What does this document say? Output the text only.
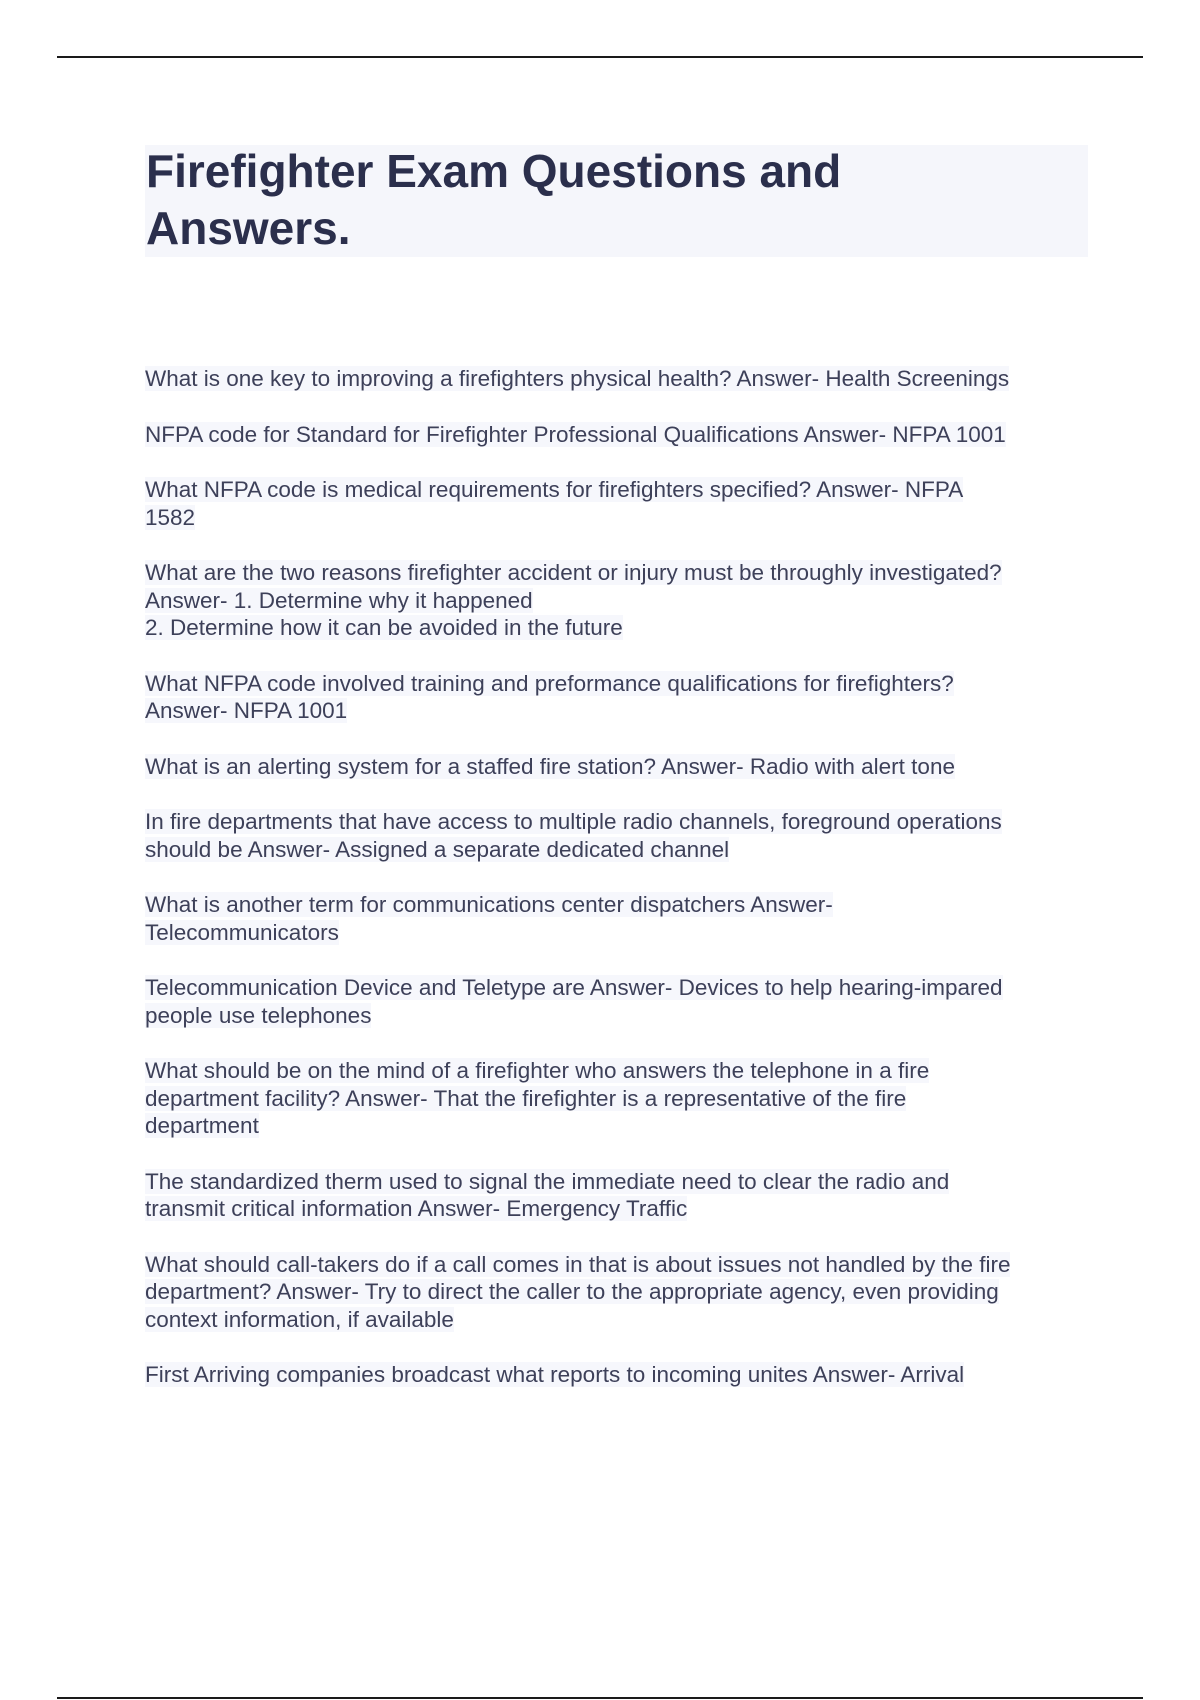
Firefighter Exam Questions and
Answers.
What is one key to improving a firefighters physical health? Answer- Health Screenings
NFPA code for Standard for Firefighter Professional Qualifications Answer- NFPA 1001
What NFPA code is medical requirements for firefighters specified? Answer- NFPA
1582
What are the two reasons firefighter accident or injury must be throughly investigated?
Answer- 1. Determine why it happened
2. Determine how it can be avoided in the future
What NFPA code involved training and preformance qualifications for firefighters?
Answer- NFPA 1001
What is an alerting system for a staffed fire station? Answer- Radio with alert tone
In fire departments that have access to multiple radio channels, foreground operations
should be Answer- Assigned a separate dedicated channel
What is another term for communications center dispatchers Answer-
Telecommunicators
Telecommunication Device and Teletype are Answer- Devices to help hearing-impared
people use telephones
What should be on the mind of a firefighter who answers the telephone in a fire
department facility? Answer- That the firefighter is a representative of the fire
department
The standardized therm used to signal the immediate need to clear the radio and
transmit critical information Answer- Emergency Traffic
What should call-takers do if a call comes in that is about issues not handled by the fire
department? Answer- Try to direct the caller to the appropriate agency, even providing
context information, if available
First Arriving companies broadcast what reports to incoming unites Answer- Arrival
